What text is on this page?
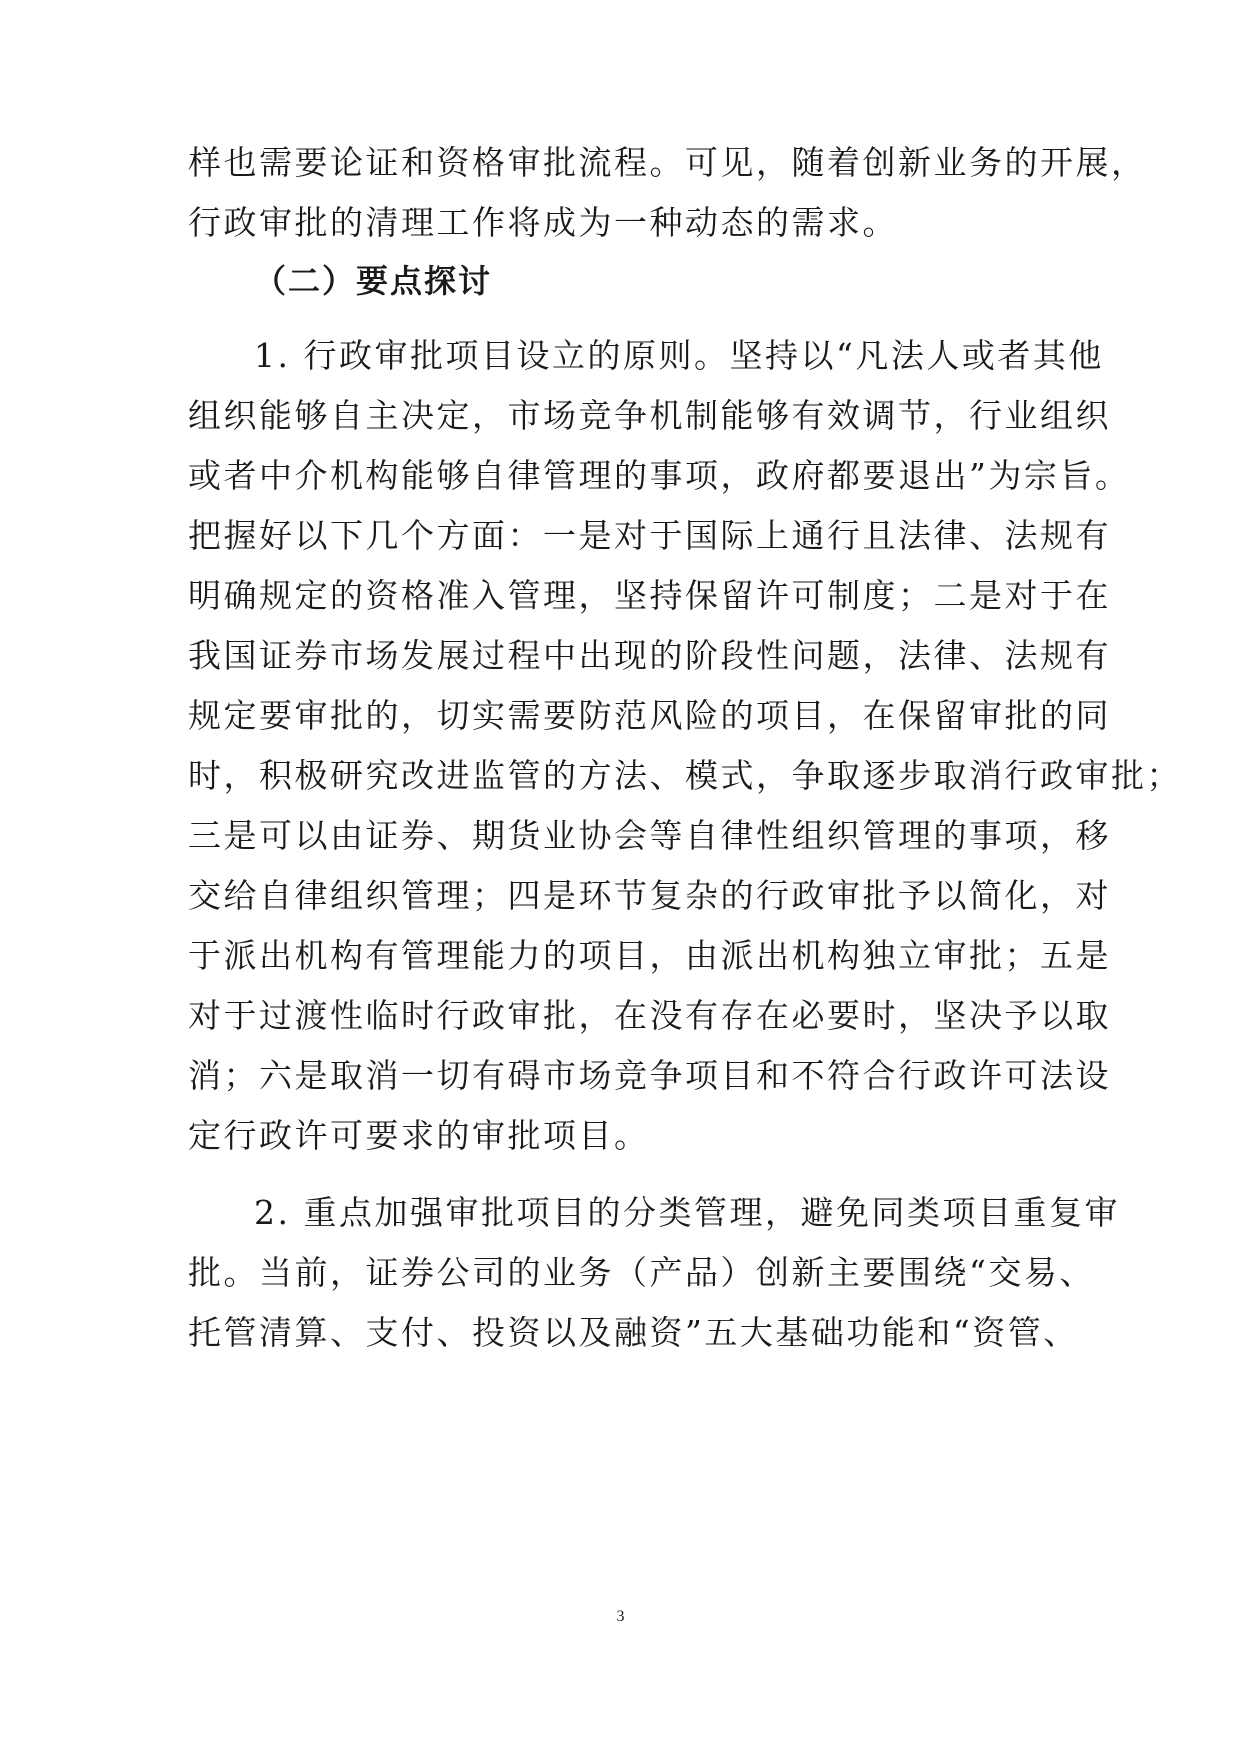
样也需要论证和资格审批流程。可见，随着创新业务的开展，
行政审批的清理工作将成为一种动态的需求。
（二）要点探讨
1. 行政审批项目设立的原则。坚持以“凡法人或者其他
组织能够自主决定，市场竞争机制能够有效调节，行业组织
或者中介机构能够自律管理的事项，政府都要退出”为宗旨。
把握好以下几个方面：一是对于国际上通行且法律、法规有
明确规定的资格准入管理，坚持保留许可制度；二是对于在
我国证券市场发展过程中出现的阶段性问题，法律、法规有
规定要审批的，切实需要防范风险的项目，在保留审批的同
时，积极研究改进监管的方法、模式，争取逐步取消行政审批；
三是可以由证券、期货业协会等自律性组织管理的事项，移
交给自律组织管理；四是环节复杂的行政审批予以简化，对
于派出机构有管理能力的项目，由派出机构独立审批；五是
对于过渡性临时行政审批，在没有存在必要时，坚决予以取
消；六是取消一切有碍市场竞争项目和不符合行政许可法设
定行政许可要求的审批项目。
2. 重点加强审批项目的分类管理，避免同类项目重复审
批。当前，证券公司的业务（产品）创新主要围绕“交易、
托管清算、支付、投资以及融资”五大基础功能和“资管、
3
